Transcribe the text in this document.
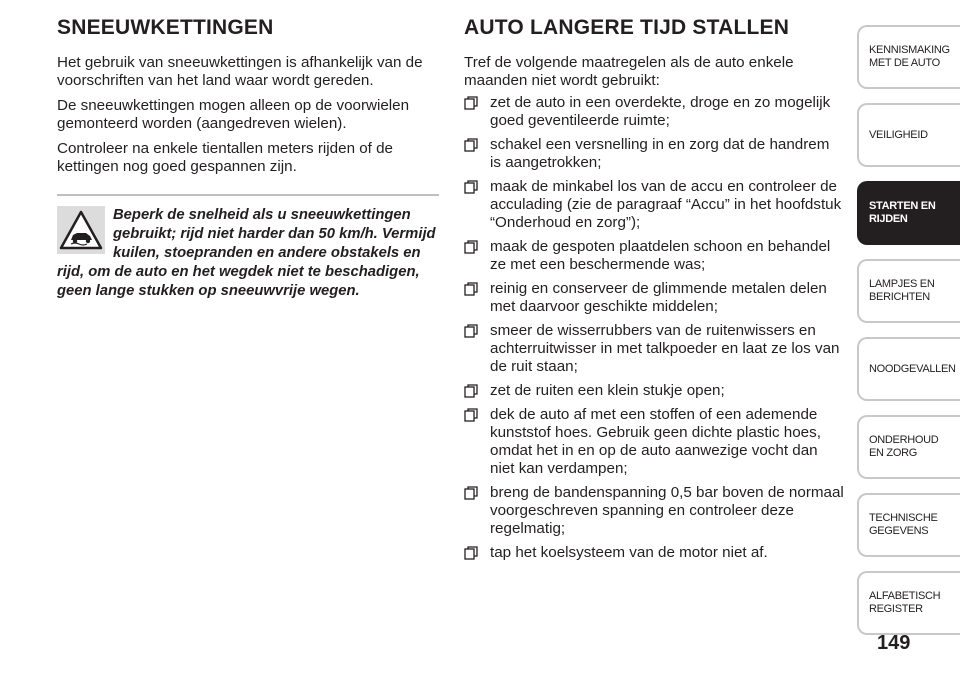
SNEEUWKETTINGEN

Het gebruik van sneeuwkettingen is afhankelijk van de voorschriften van het land waar wordt gereden.

De sneeuwkettingen mogen alleen op de voorwielen gemonteerd worden (aangedreven wielen).

Controleer na enkele tientallen meters rijden of de kettingen nog goed gespannen zijn.

Beperk de snelheid als u sneeuwkettingen gebruikt; rijd niet harder dan 50 km/h. Vermijd kuilen, stoepranden en andere obstakels en rijd, om de auto en het wegdek niet te beschadigen, geen lange stukken op sneeuwvrije wegen.
AUTO LANGERE TIJD STALLEN

Tref de volgende maatregelen als de auto enkele maanden niet wordt gebruikt:

zet de auto in een overdekte, droge en zo mogelijk goed geventileerde ruimte;
schakel een versnelling in en zorg dat de handrem is aangetrokken;
maak de minkabel los van de accu en controleer de acculading (zie de paragraaf “Accu” in het hoofdstuk “Onderhoud en zorg”);
maak de gespoten plaatdelen schoon en behandel ze met een beschermende was;
reinig en conserveer de glimmende metalen delen met daarvoor geschikte middelen;
smeer de wisserrubbers van de ruitenwissers en achterruitwisser in met talkpoeder en laat ze los van de ruit staan;
zet de ruiten een klein stukje open;
dek de auto af met een stoffen of een ademende kunststof hoes. Gebruik geen dichte plastic hoes, omdat het in en op de auto aanwezige vocht dan niet kan verdampen;
breng de bandenspanning 0,5 bar boven de normaal voorgeschreven spanning en controleer deze regelmatig;
tap het koelsysteem van de motor niet af.
KENNISMAKING MET DE AUTO
VEILIGHEID
STARTEN EN RIJDEN
LAMPJES EN BERICHTEN
NOODGEVALLEN
ONDERHOUD EN ZORG
TECHNISCHE GEGEVENS
ALFABETISCH REGISTER
149
